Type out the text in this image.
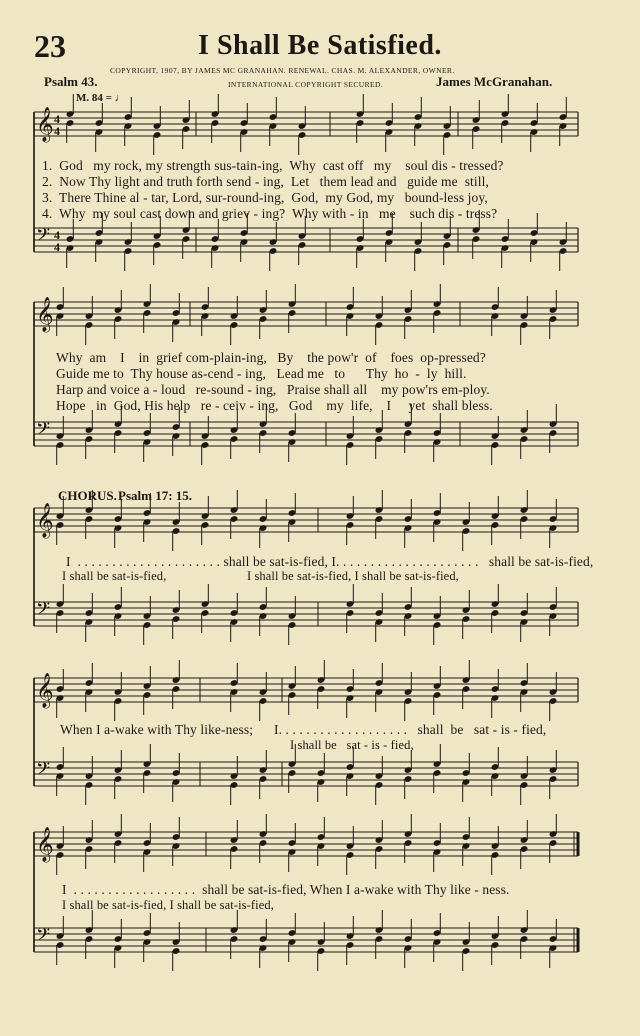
23	I Shall Be Satisfied.
COPYRIGHT, 1907, BY JAMES MC GRANAHAN. RENEWAL. CHAS. M. ALEXANDER, OWNER.
Psalm 43.	INTERNATIONAL COPYRIGHT SECURED.	James McGranahan.
M. 84 = ♩
𝄞 4
4
𝄢 4
4
𝄞
𝄢
𝄞
𝄢
𝄞
𝄢
𝄞
𝄢
1.  God   my rock, my strength sus-tain-ing,  Why  cast off   my    soul dis - tressed?
2.  Now Thy light and truth forth send - ing,  Let   them lead and   guide me  still,
3.  There Thine al - tar, Lord, sur-round-ing,  God,  my God, my   bound-less joy,
4.  Why  my soul cast down and griev - ing?  Why with - in   me    such dis - tress?
Why  am    I    in  grief com-plain-ing,   By    the pow'r  of    foes  op-pressed?
Guide me to  Thy house as-cend - ing,   Lead me   to      Thy  ho  -  ly  hill.
Harp and voice a - loud   re-sound - ing,   Praise shall all    my pow'rs em-ploy.
Hope   in  God, His help   re - ceiv - ing,   God    my  life,    I     yet  shall bless.
CHORUS. Psalm 17: 15.
I  . . . . . . . . . . . . . . . . . . . . . shall be sat-is-fied, I. . . . . . . . . . . . . . . . . . . . .   shall be sat-is-fied,
I shall be sat-is-fied,                         I shall be sat-is-fied, I shall be sat-is-fied,
When I a-wake with Thy like-ness;      I. . . . . . . . . . . . . . . . . . .   shall  be   sat - is - fied,
I shall be   sat - is - fied,
I  . . . . . . . . . . . . . . . . . .  shall be sat-is-fied, When I a-wake with Thy like - ness.
I shall be sat-is-fied, I shall be sat-is-fied,
